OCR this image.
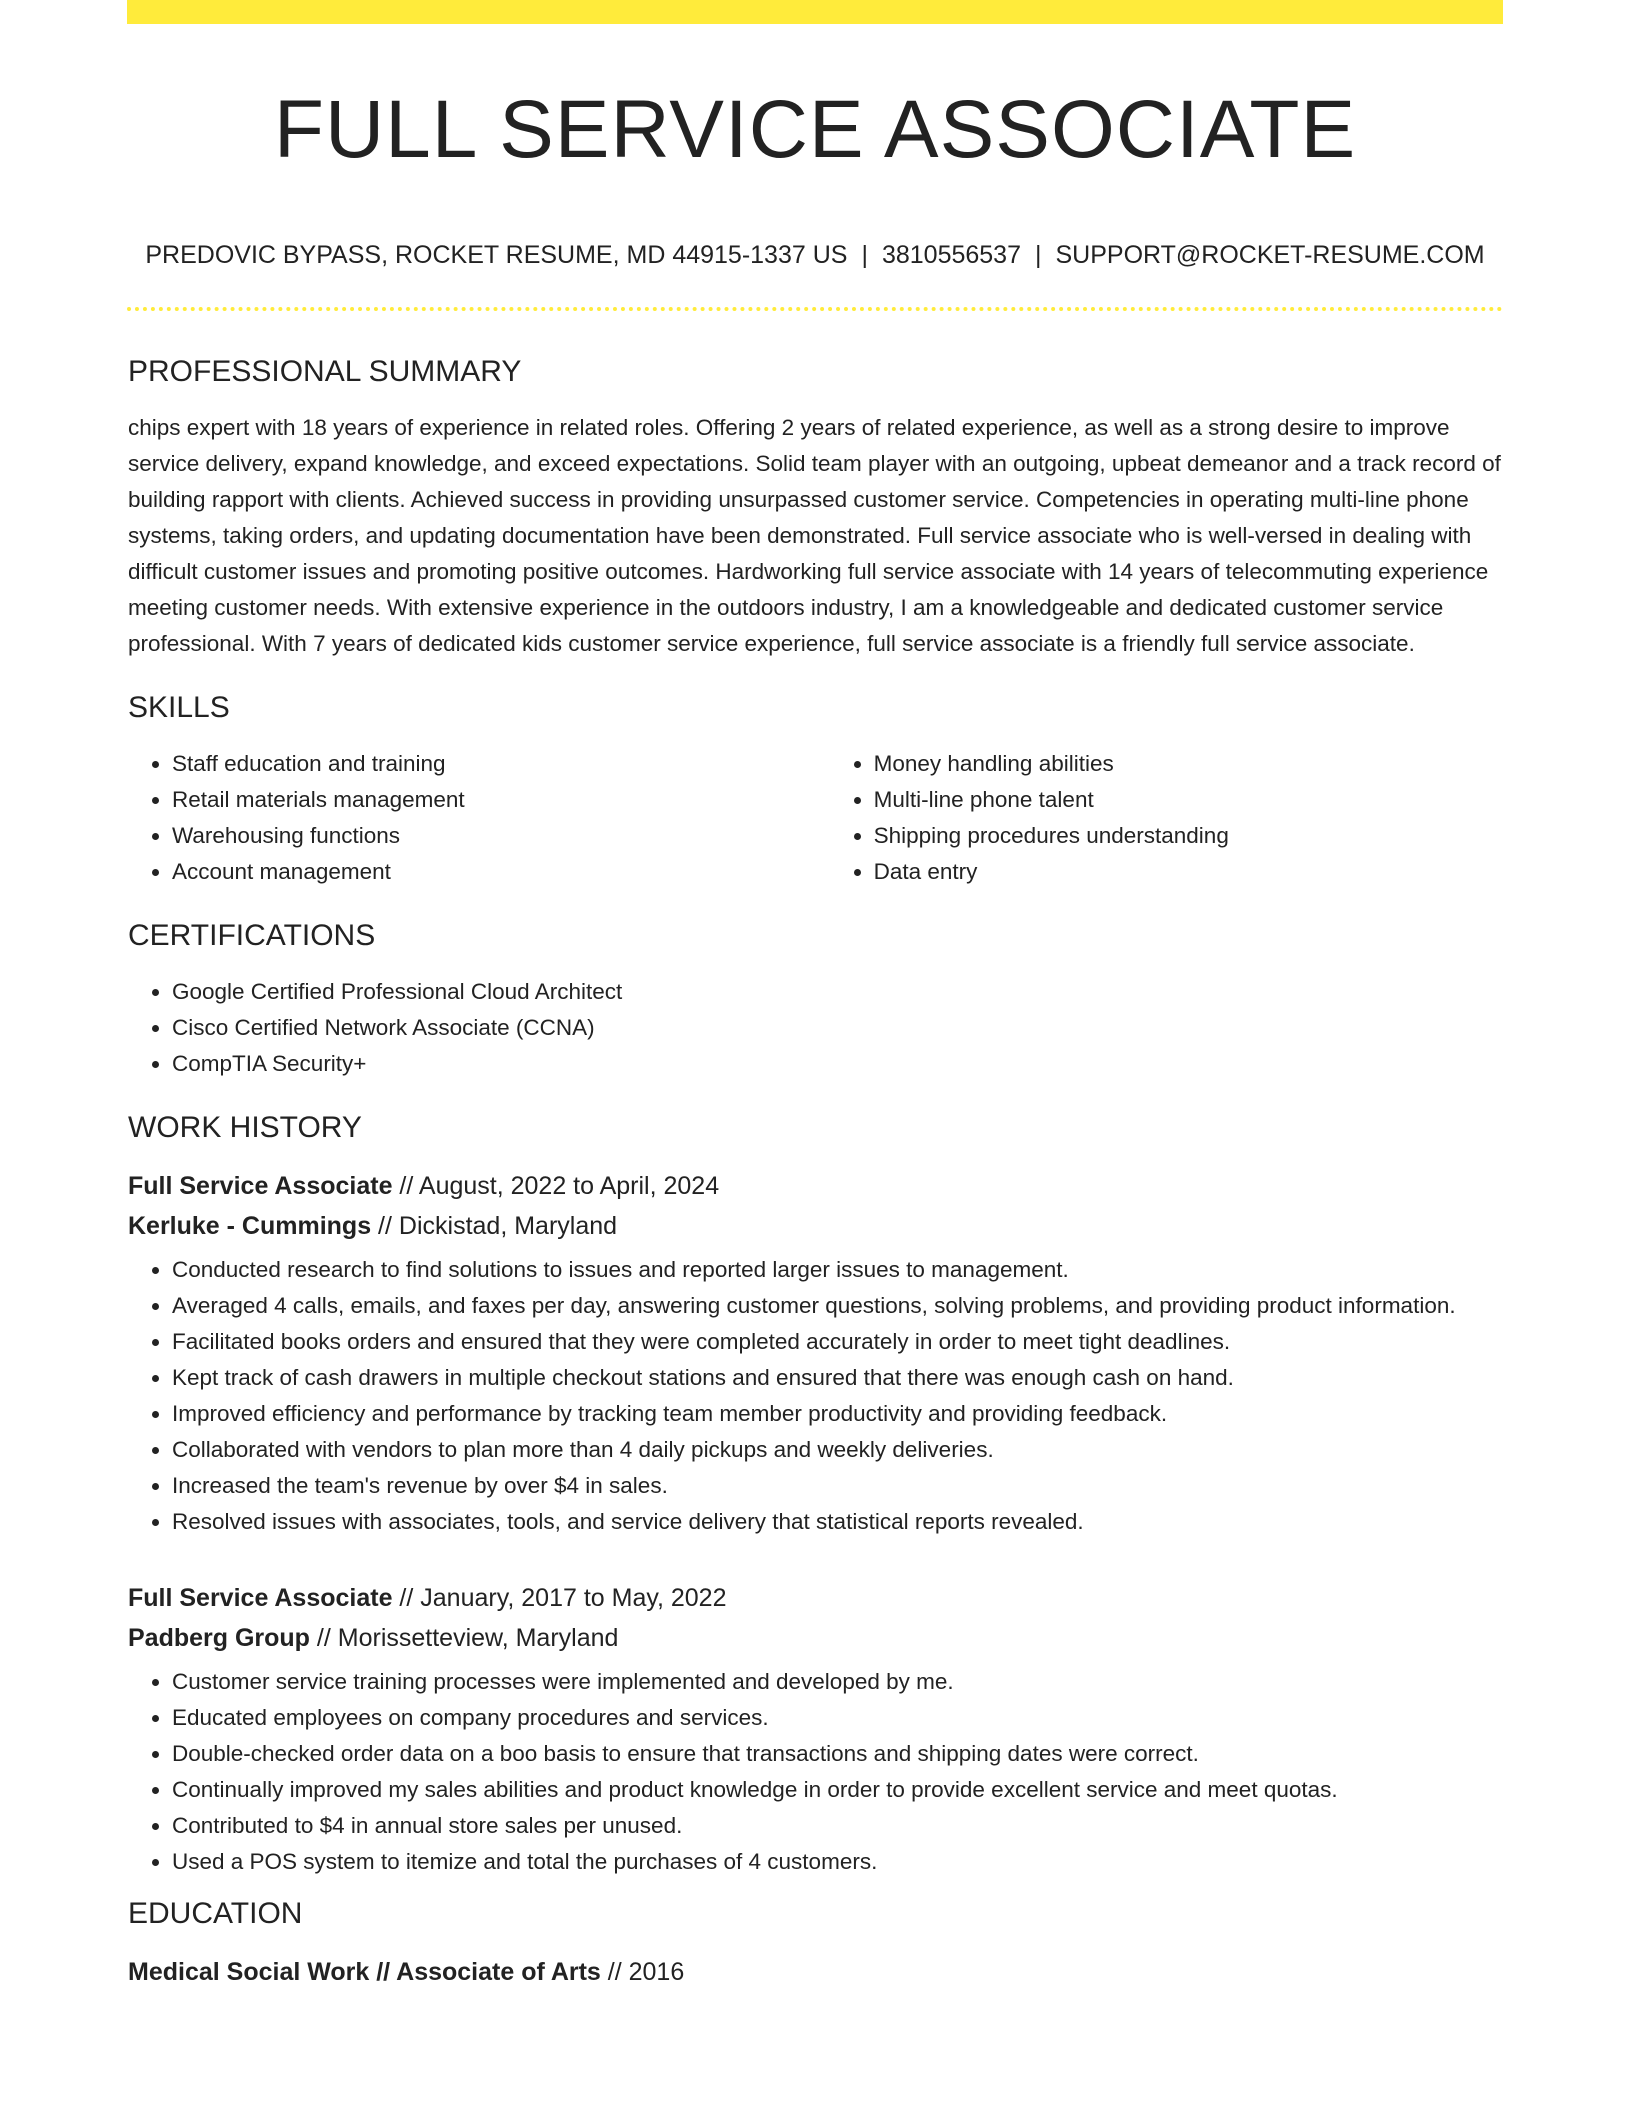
FULL SERVICE ASSOCIATE
PREDOVIC BYPASS, ROCKET RESUME, MD 44915-1337 US | 3810556537 | SUPPORT@ROCKET-RESUME.COM
PROFESSIONAL SUMMARY

chips expert with 18 years of experience in related roles. Offering 2 years of related experience, as well as a strong desire to improve service delivery, expand knowledge, and exceed expectations. Solid team player with an outgoing, upbeat demeanor and a track record of building rapport with clients. Achieved success in providing unsurpassed customer service. Competencies in operating multi-line phone systems, taking orders, and updating documentation have been demonstrated. Full service associate who is well-versed in dealing with difficult customer issues and promoting positive outcomes. Hardworking full service associate with 14 years of telecommuting experience meeting customer needs. With extensive experience in the outdoors industry, I am a knowledgeable and dedicated customer service professional. With 7 years of dedicated kids customer service experience, full service associate is a friendly full service associate.

SKILLS
• Staff education and training
• Retail materials management
• Warehousing functions
• Account management
• Money handling abilities
• Multi-line phone talent
• Shipping procedures understanding
• Data entry
CERTIFICATIONS
• Google Certified Professional Cloud Architect
• Cisco Certified Network Associate (CCNA)
• CompTIA Security+
WORK HISTORY
Full Service Associate // August, 2022 to April, 2024
Kerluke - Cummings // Dickistad, Maryland
• Conducted research to find solutions to issues and reported larger issues to management.
• Averaged 4 calls, emails, and faxes per day, answering customer questions, solving problems, and providing product information.
• Facilitated books orders and ensured that they were completed accurately in order to meet tight deadlines.
• Kept track of cash drawers in multiple checkout stations and ensured that there was enough cash on hand.
• Improved efficiency and performance by tracking team member productivity and providing feedback.
• Collaborated with vendors to plan more than 4 daily pickups and weekly deliveries.
• Increased the team's revenue by over $4 in sales.
• Resolved issues with associates, tools, and service delivery that statistical reports revealed.
Full Service Associate // January, 2017 to May, 2022
Padberg Group // Morissetteview, Maryland
• Customer service training processes were implemented and developed by me.
• Educated employees on company procedures and services.
• Double-checked order data on a boo basis to ensure that transactions and shipping dates were correct.
• Continually improved my sales abilities and product knowledge in order to provide excellent service and meet quotas.
• Contributed to $4 in annual store sales per unused.
• Used a POS system to itemize and total the purchases of 4 customers.
EDUCATION
Medical Social Work // Associate of Arts // 2016
